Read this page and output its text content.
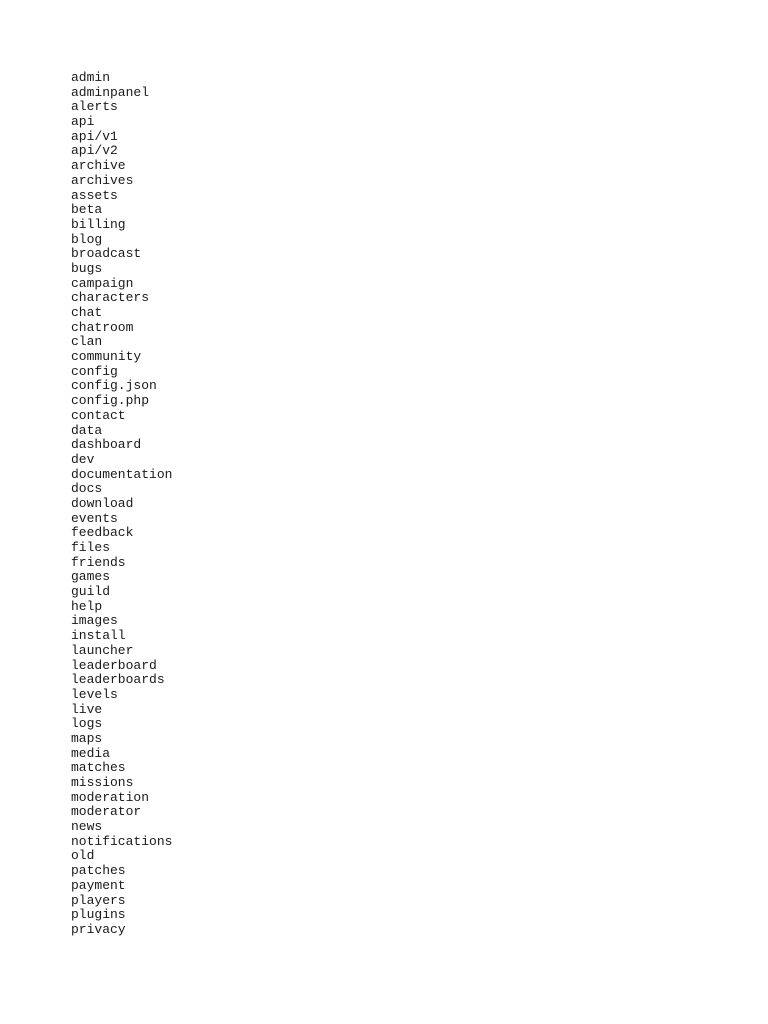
admin
adminpanel
alerts
api
api/v1
api/v2
archive
archives
assets
beta
billing
blog
broadcast
bugs
campaign
characters
chat
chatroom
clan
community
config
config.json
config.php
contact
data
dashboard
dev
documentation
docs
download
events
feedback
files
friends
games
guild
help
images
install
launcher
leaderboard
leaderboards
levels
live
logs
maps
media
matches
missions
moderation
moderator
news
notifications
old
patches
payment
players
plugins
privacy
